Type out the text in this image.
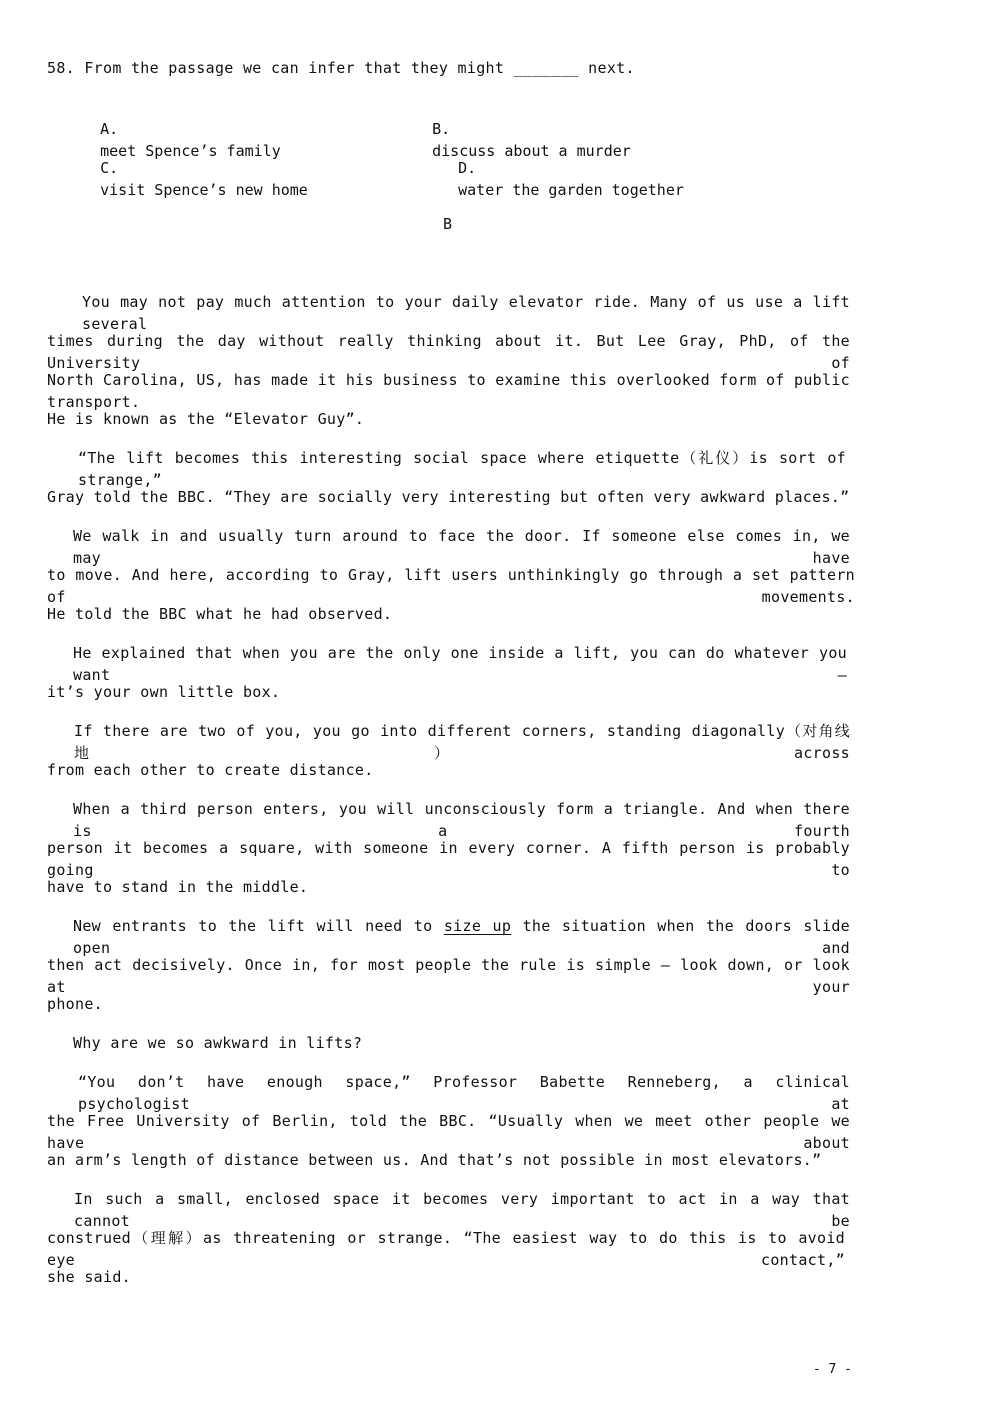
58. From the passage we can infer that they might _______ next.

A.
meet Spence’s family

B.
discuss about a murder

C.
visit Spence’s new home

D.
water the garden together

B
You may not pay much attention to your daily elevator ride. Many of us use a lift several
times during the day without really thinking about it. But Lee Gray, PhD, of the University of
North Carolina, US, has made it his business to examine this overlooked form of public transport.
He is known as the “Elevator Guy”.
“The lift becomes this interesting social space where etiquette（礼仪）is sort of strange,”
Gray told the BBC. “They are socially very interesting but often very awkward places.”
We walk in and usually turn around to face the door. If someone else comes in, we may have
to move. And here, according to Gray, lift users unthinkingly go through a set pattern of movements.
He told the BBC what he had observed.
He explained that when you are the only one inside a lift, you can do whatever you want –
it’s your own little box.
If there are two of you, you go into different corners, standing diagonally（对角线地）across
from each other to create distance.
When a third person enters, you will unconsciously form a triangle. And when there is a fourth
person it becomes a square, with someone in every corner. A fifth person is probably going to
have to stand in the middle.
New entrants to the lift will need to size up the situation when the doors slide open and
then act decisively. Once in, for most people the rule is simple – look down, or look at your
phone.
Why are we so awkward in lifts?
“You don’t have enough space,” Professor Babette Renneberg, a clinical psychologist at
the Free University of Berlin, told the BBC. “Usually when we meet other people we have about
an arm’s length of distance between us. And that’s not possible in most elevators.”
In such a small, enclosed space it becomes very important to act in a way that cannot be
construed（理解）as threatening or strange. “The easiest way to do this is to avoid eye contact,”
she said.
- 7 -
